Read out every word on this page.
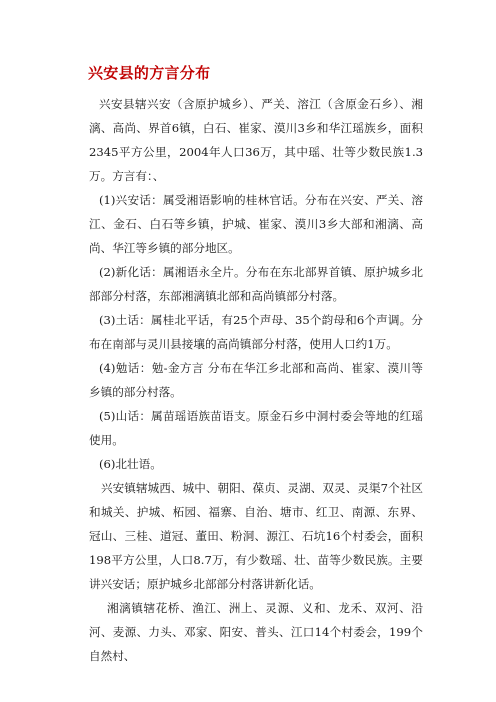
兴安县的方言分布

兴安县辖兴安（含原护城乡）、严关、溶江（含原金石乡）、湘漓、高尚、界首6镇，白石、崔家、漠川3乡和华江瑶族乡，面积2345平方公里，2004年人口36万，其中瑶、壮等少数民族1.3万。方言有：、

(1)兴安话：属受湘语影响的桂林官话。分布在兴安、严关、溶江、金石、白石等乡镇，护城、崔家、漠川3乡大部和湘漓、高尚、华江等乡镇的部分地区。

(2)新化话：属湘语永全片。分布在东北部界首镇、原护城乡北部部分村落，东部湘漓镇北部和高尚镇部分村落。

(3)土话：属桂北平话，有25个声母、35个韵母和6个声调。分布在南部与灵川县接壤的高尚镇部分村落，使用人口约1万。

(4)勉话：勉-金方言 分布在华江乡北部和高尚、崔家、漠川等乡镇的部分村落。

(5)山话：属苗瑶语族苗语支。原金石乡中洞村委会等地的红瑶使用。

(6)北壮语。

兴安镇辖城西、城中、朝阳、葆贞、灵湖、双灵、灵渠7个社区和城关、护城、柘园、福寨、自治、塘市、红卫、南源、东界、冠山、三桂、道冠、董田、粉洞、源江、石坑16个村委会，面积198平方公里，人口8.7万，有少数瑶、壮、苗等少数民族。主要讲兴安话；原护城乡北部部分村落讲新化话。

湘漓镇辖花桥、渔江、洲上、灵源、义和、龙禾、双河、沿河、麦源、力头、邓家、阳安、普头、江口14个村委会，199个自然村、
